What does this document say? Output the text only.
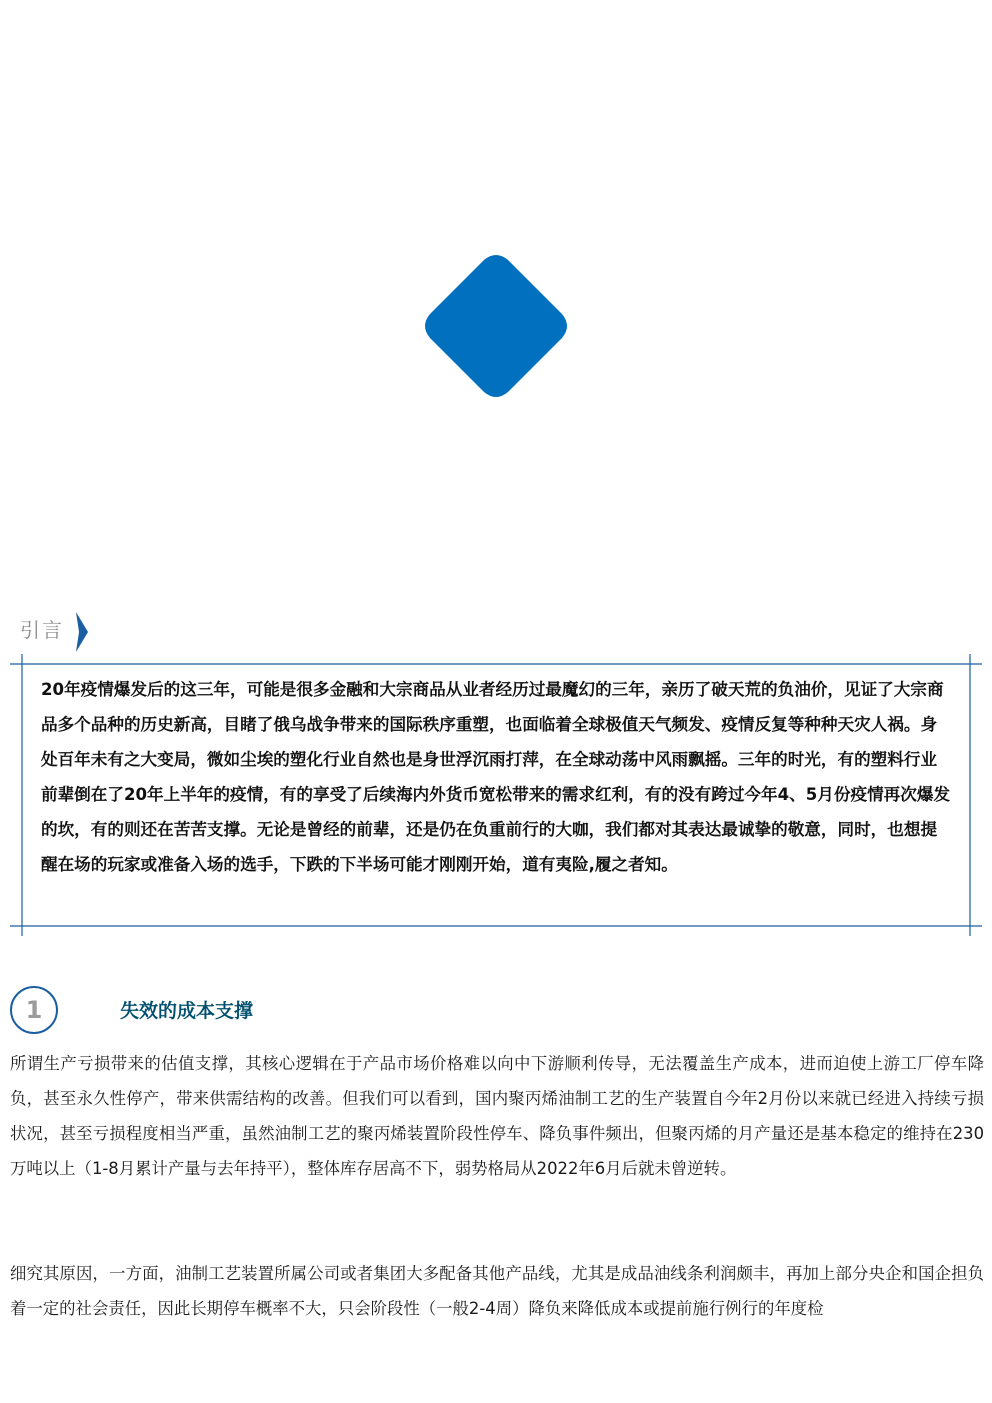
引言

20年疫情爆发后的这三年，可能是很多金融和大宗商品从业者经历过最魔幻的三年，亲历了破天荒的负油价，见证了大宗商品多个品种的历史新高，目睹了俄乌战争带来的国际秩序重塑，也面临着全球极值天气频发、疫情反复等种种天灾人祸。身处百年未有之大变局，微如尘埃的塑化行业自然也是身世浮沉雨打萍，在全球动荡中风雨飘摇。三年的时光，有的塑料行业前辈倒在了20年上半年的疫情，有的享受了后续海内外货币宽松带来的需求红利，有的没有跨过今年4、5月份疫情再次爆发的坎，有的则还在苦苦支撑。无论是曾经的前辈，还是仍在负重前行的大咖，我们都对其表达最诚挚的敬意，同时，也想提醒在场的玩家或准备入场的选手，下跌的下半场可能才刚刚开始，道有夷险,履之者知。

1	失效的成本支撑

所谓生产亏损带来的估值支撑，其核心逻辑在于产品市场价格难以向中下游顺利传导，无法覆盖生产成本，进而迫使上游工厂停车降负，甚至永久性停产，带来供需结构的改善。但我们可以看到，国内聚丙烯油制工艺的生产装置自今年2月份以来就已经进入持续亏损状况，甚至亏损程度相当严重，虽然油制工艺的聚丙烯装置阶段性停车、降负事件频出，但聚丙烯的月产量还是基本稳定的维持在230万吨以上（1-8月累计产量与去年持平），整体库存居高不下，弱势格局从2022年6月后就未曾逆转。

细究其原因，一方面，油制工艺装置所属公司或者集团大多配备其他产品线，尤其是成品油线条利润颇丰，再加上部分央企和国企担负着一定的社会责任，因此长期停车概率不大，只会阶段性（一般2-4周）降负来降低成本或提前施行例行的年度检
